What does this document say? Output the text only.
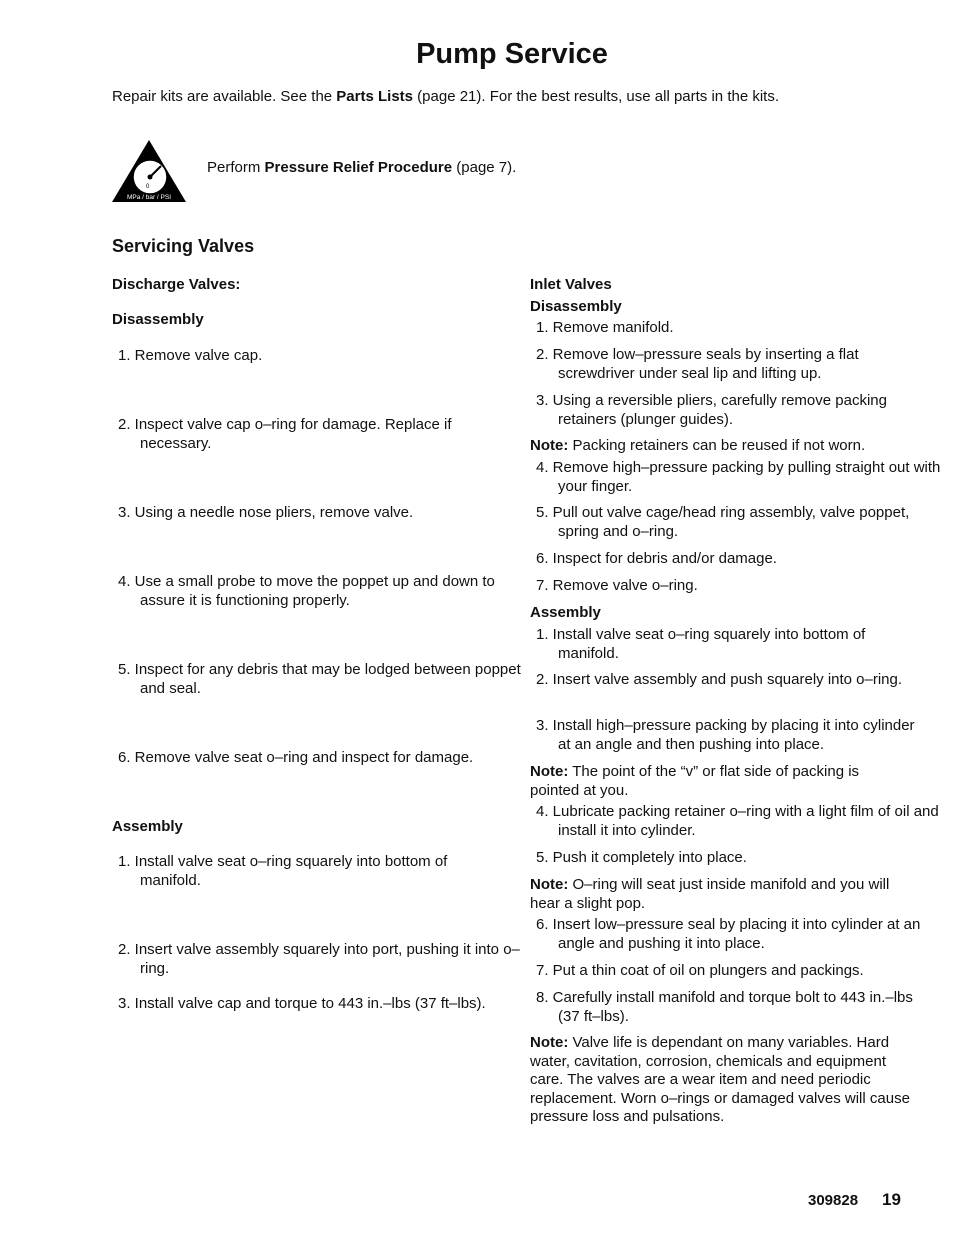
Pump Service
Repair kits are available. See the Parts Lists (page 21). For the best results, use all parts in the kits.
0
MPa / bar / PSI
Perform Pressure Relief Procedure (page 7).
Servicing Valves
Discharge Valves:
Disassembly
1. Remove valve cap.
2. Inspect valve cap o–ring for damage. Replace if necessary.
3. Using a needle nose pliers, remove valve.
4. Use a small probe to move the poppet up and down to assure it is functioning properly.
5. Inspect for any debris that may be lodged between poppet and seal.
6. Remove valve seat o–ring and inspect for damage.
Assembly
1. Install valve seat o–ring squarely into bottom of manifold.
2. Insert valve assembly squarely into port, pushing it into o–ring.
3. Install valve cap and torque to 443 in.–lbs (37 ft–lbs).
Inlet Valves
Disassembly
1. Remove manifold.
2. Remove low–pressure seals by inserting a flat screwdriver under seal lip and lifting up.
3. Using a reversible pliers, carefully remove packing retainers (plunger guides).
Note: Packing retainers can be reused if not worn.
4. Remove high–pressure packing by pulling straight out with your finger.
5. Pull out valve cage/head ring assembly, valve poppet, spring and o–ring.
6. Inspect for debris and/or damage.
7. Remove valve o–ring.
Assembly
1. Install valve seat o–ring squarely into bottom of manifold.
2. Insert valve assembly and push squarely into o–ring.
3. Install high–pressure packing by placing it into cylinder at an angle and then pushing into place.
Note: The point of the “v” or flat side of packing is pointed at you.
4. Lubricate packing retainer o–ring with a light film of oil and install it into cylinder.
5. Push it completely into place.
Note: O–ring will seat just inside manifold and you will hear a slight pop.
6. Insert low–pressure seal by placing it into cylinder at an angle and pushing it into place.
7. Put a thin coat of oil on plungers and packings.
8. Carefully install manifold and torque bolt to 443 in.–lbs (37 ft–lbs).
Note: Valve life is dependant on many variables. Hard water, cavitation, corrosion, chemicals and equipment care. The valves are a wear item and need periodic replacement. Worn o–rings or damaged valves will cause pressure loss and pulsations.
309828 19
